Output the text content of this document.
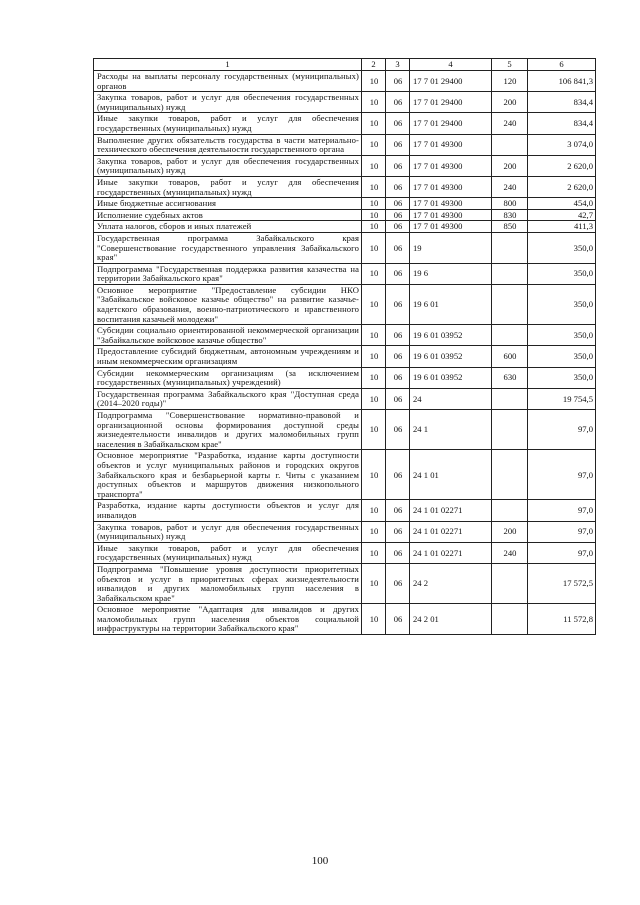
1	2	3	4	5	6
Расходы на выплаты персоналу государственных (муниципальных) органов	10	06	17 7 01 29400	120	106 841,3
Закупка товаров, работ и услуг для обеспечения государственных (муниципальных) нужд	10	06	17 7 01 29400	200	834,4
Иные закупки товаров, работ и услуг для обеспечения государственных (муниципальных) нужд	10	06	17 7 01 29400	240	834,4
Выполнение других обязательств государства в части материально-технического обеспечения деятельности государственного органа	10	06	17 7 01 49300		3 074,0
Закупка товаров, работ и услуг для обеспечения государственных (муниципальных) нужд	10	06	17 7 01 49300	200	2 620,0
Иные закупки товаров, работ и услуг для обеспечения государственных (муниципальных) нужд	10	06	17 7 01 49300	240	2 620,0
Иные бюджетные ассигнования	10	06	17 7 01 49300	800	454,0
Исполнение судебных актов	10	06	17 7 01 49300	830	42,7
Уплата налогов, сборов и иных платежей	10	06	17 7 01 49300	850	411,3
Государственная программа Забайкальского края "Совершенствование государственного управления Забайкальского края"	10	06	19		350,0
Подпрограмма "Государственная поддержка развития казачества на территории Забайкальского края"	10	06	19 6		350,0
Основное мероприятие "Предоставление субсидии НКО "Забайкальское войсковое казачье общество" на развитие казачье-кадетского образования, военно-патриотического и нравственного воспитания казачьей молодежи"	10	06	19 6 01		350,0
Субсидии социально ориентированной некоммерческой организации "Забайкальское войсковое казачье общество"	10	06	19 6 01 03952		350,0
Предоставление субсидий бюджетным, автономным учреждениям и иным некоммерческим организациям	10	06	19 6 01 03952	600	350,0
Субсидии некоммерческим организациям (за исключением государственных (муниципальных) учреждений)	10	06	19 6 01 03952	630	350,0
Государственная программа Забайкальского края "Доступная среда (2014–2020 годы)"	10	06	24		19 754,5
Подпрограмма "Совершенствование нормативно-правовой и организационной основы формирования доступной среды жизнедеятельности инвалидов и других маломобильных групп населения в Забайкальском крае"	10	06	24 1		97,0
Основное мероприятие "Разработка, издание карты доступности объектов и услуг муниципальных районов и городских округов Забайкальского края и безбарьерной карты г. Читы с указанием доступных объектов и маршрутов движения низкопольного транспорта"	10	06	24 1 01		97,0
Разработка, издание карты доступности объектов и услуг для инвалидов	10	06	24 1 01 02271		97,0
Закупка товаров, работ и услуг для обеспечения государственных (муниципальных) нужд	10	06	24 1 01 02271	200	97,0
Иные закупки товаров, работ и услуг для обеспечения государственных (муниципальных) нужд	10	06	24 1 01 02271	240	97,0
Подпрограмма "Повышение уровня доступности приоритетных объектов и услуг в приоритетных сферах жизнедеятельности инвалидов и других маломобильных групп населения в Забайкальском крае"	10	06	24 2		17 572,5
Основное мероприятие "Адаптация для инвалидов и других маломобильных групп населения объектов социальной инфраструктуры на территории Забайкальского края"	10	06	24 2 01		11 572,8
100
